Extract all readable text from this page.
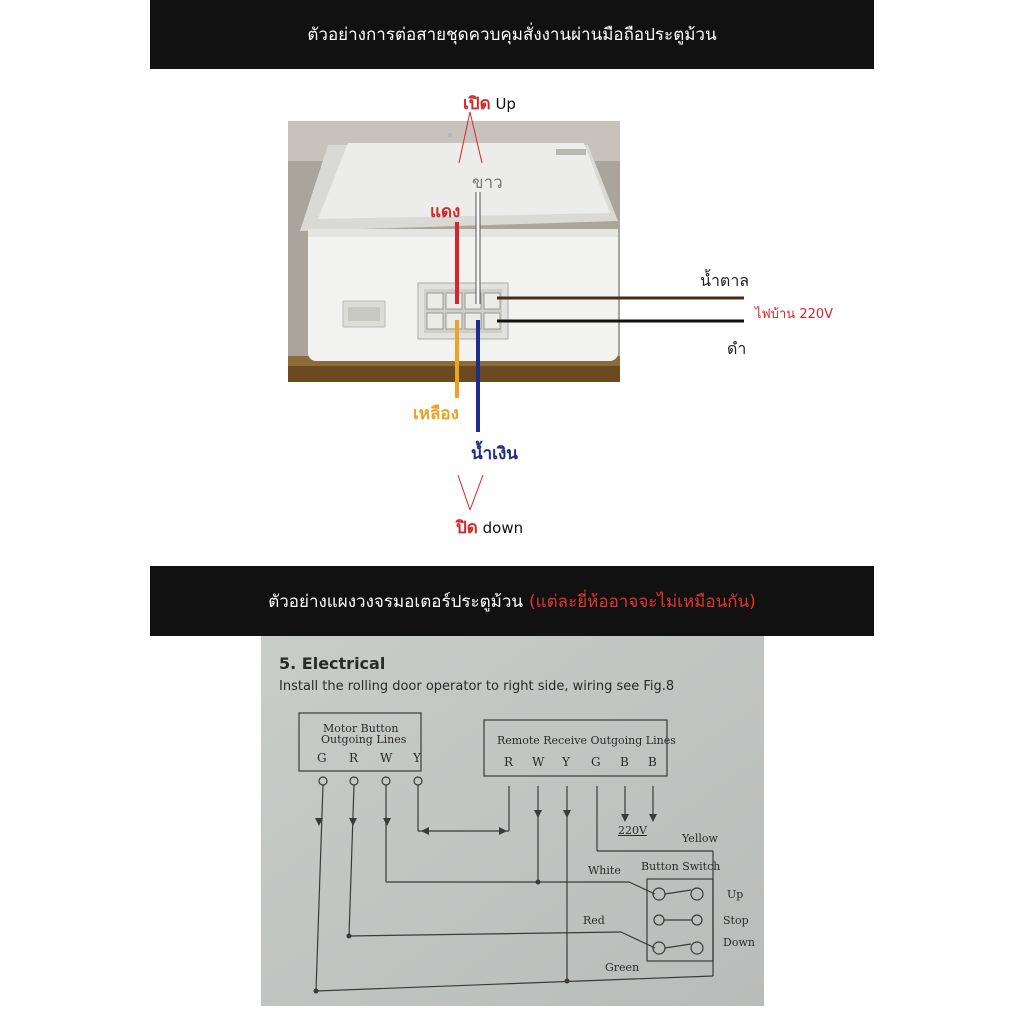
ตัวอย่างการต่อสายชุดควบคุมสั่งงานผ่านมือถือประตูม้วน
เปิด Up
ขาว
แดง
น้ำตาล
ไฟบ้าน 220V
ดำ
เหลือง
น้ำเงิน
ปิด down
ตัวอย่างแผงวงจรมอเตอร์ประตูม้วน (แต่ละยี่ห้ออาจจะไม่เหมือนกัน)
5. Electrical
Install the rolling door operator to right side, wiring see Fig.8
Motor Button
Outgoing Lines
G R W Y
Remote Receive Outgoing Lines
R W Y G B B
220V
Yellow
White Button Switch
Up
Stop
Down
Red
Green
